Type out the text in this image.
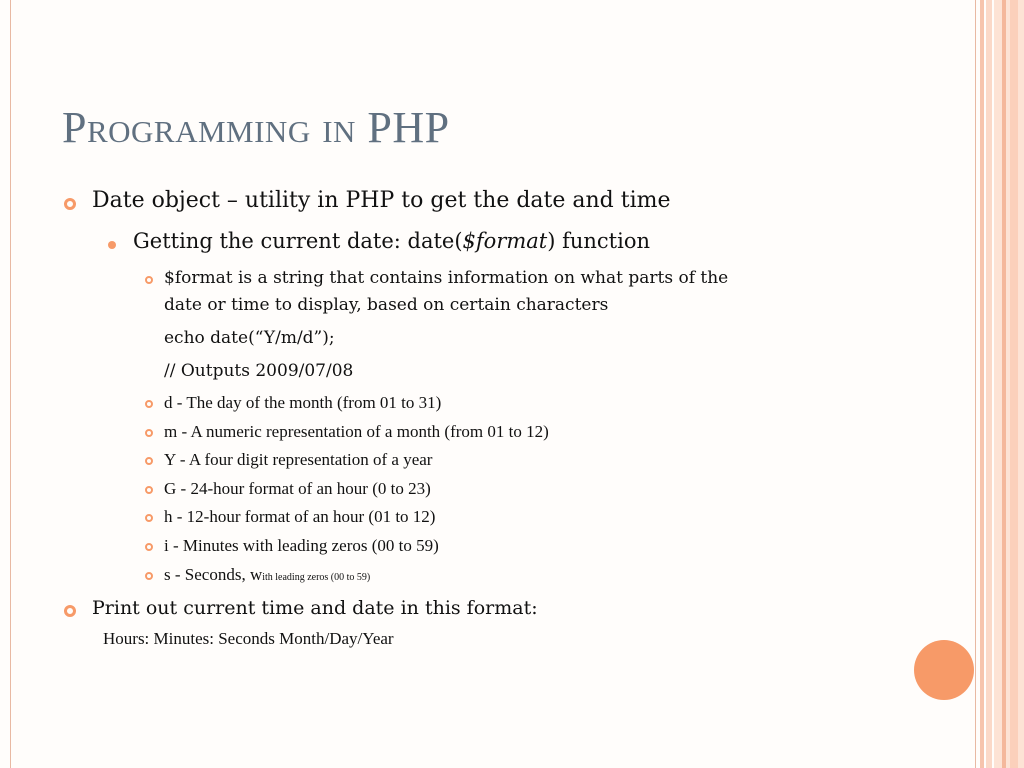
Programming in PHP
Date object – utility in PHP to get the date and time
Getting the current date: date($format) function
$format is a string that contains information on what parts of the
date or time to display, based on certain characters
echo date(“Y/m/d”);
// Outputs 2009/07/08
d - The day of the month (from 01 to 31)
m - A numeric representation of a month (from 01 to 12)
Y - A four digit representation of a year
G - 24-hour format of an hour (0 to 23)
h - 12-hour format of an hour (01 to 12)
i - Minutes with leading zeros (00 to 59)
s - Seconds, with leading zeros (00 to 59)
Print out current time and date in this format:
Hours: Minutes: Seconds Month/Day/Year
